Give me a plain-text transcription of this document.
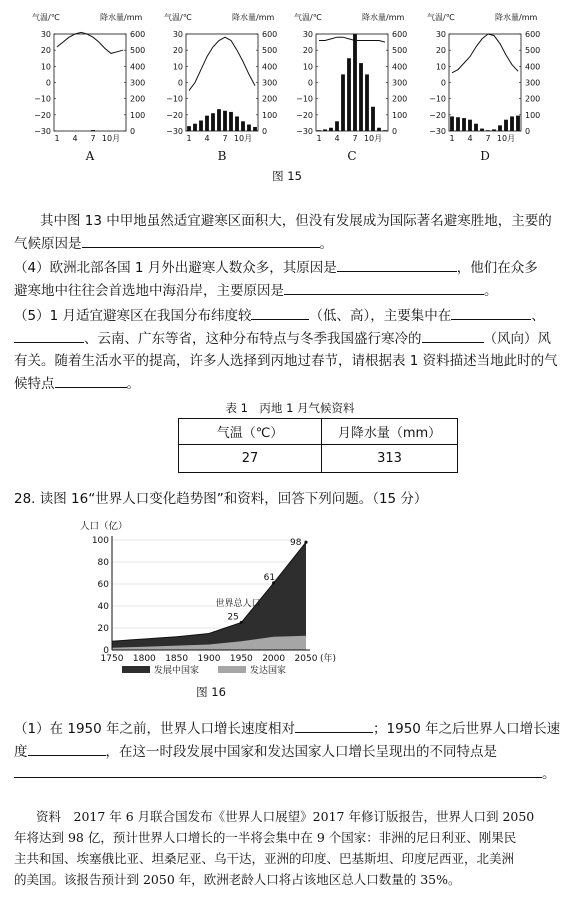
气温/℃	降水量/mm
30
20
10
0
−10
−20
−30
600
500
400
300
200
100
0
1 4 7 10月
A
气温/℃	降水量/mm
30
20
10
0
−10
−20
−30
600
500
400
300
200
100
0
1 4 7 10月
B
气温/℃	降水量/mm
30
20
10
0
−10
−20
−30
600
500
400
300
200
100
0
1 4 7 10月
C
气温/℃	降水量/mm
30
20
10
0
−10
−20
−30
600
500
400
300
200
100
0
1 4 7 10月
D
图 15
其中图 13 中甲地虽然适宜避寒区面积大，但没有发展成为国际著名避寒胜地，主要的
气候原因是	。
（4）欧洲北部各国 1 月外出避寒人数众多，其原因是	，他们在众多
避寒地中往往会首选地中海沿岸，主要原因是	。
（5）1 月适宜避寒区在我国分布纬度较	（低、高），主要集中在	、
、云南、广东等省，这种分布特点与冬季我国盛行寒冷的	（风向）风
有关。随着生活水平的提高，许多人选择到丙地过春节，请根据表 1 资料描述当地此时的气
候特点	。
表 1　丙地 1 月气候资料
气温（℃）	月降水量（mm）
27	313
28. 读图 16“世界人口变化趋势图”和资料，回答下列问题。（15 分）
人口（亿）
100
80
60
40
20
0
1750 1800 1850 1900 1950 2000 2050 (年)
25
61
98
世界总人口
发展中国家	发达国家
图 16
（1）在 1950 年之前，世界人口增长速度相对	；1950 年之后世界人口增长速
度	，在这一时段发展中国家和发达国家人口增长呈现出的不同特点是
。
资料　2017 年 6 月联合国发布《世界人口展望》2017 年修订版报告，世界人口到 2050
年将达到 98 亿，预计世界人口增长的一半将会集中在 9 个国家：非洲的尼日利亚、刚果民
主共和国、埃塞俄比亚、坦桑尼亚、乌干达，亚洲的印度、巴基斯坦、印度尼西亚，北美洲
的美国。该报告预计到 2050 年，欧洲老龄人口将占该地区总人口数量的 35%。
